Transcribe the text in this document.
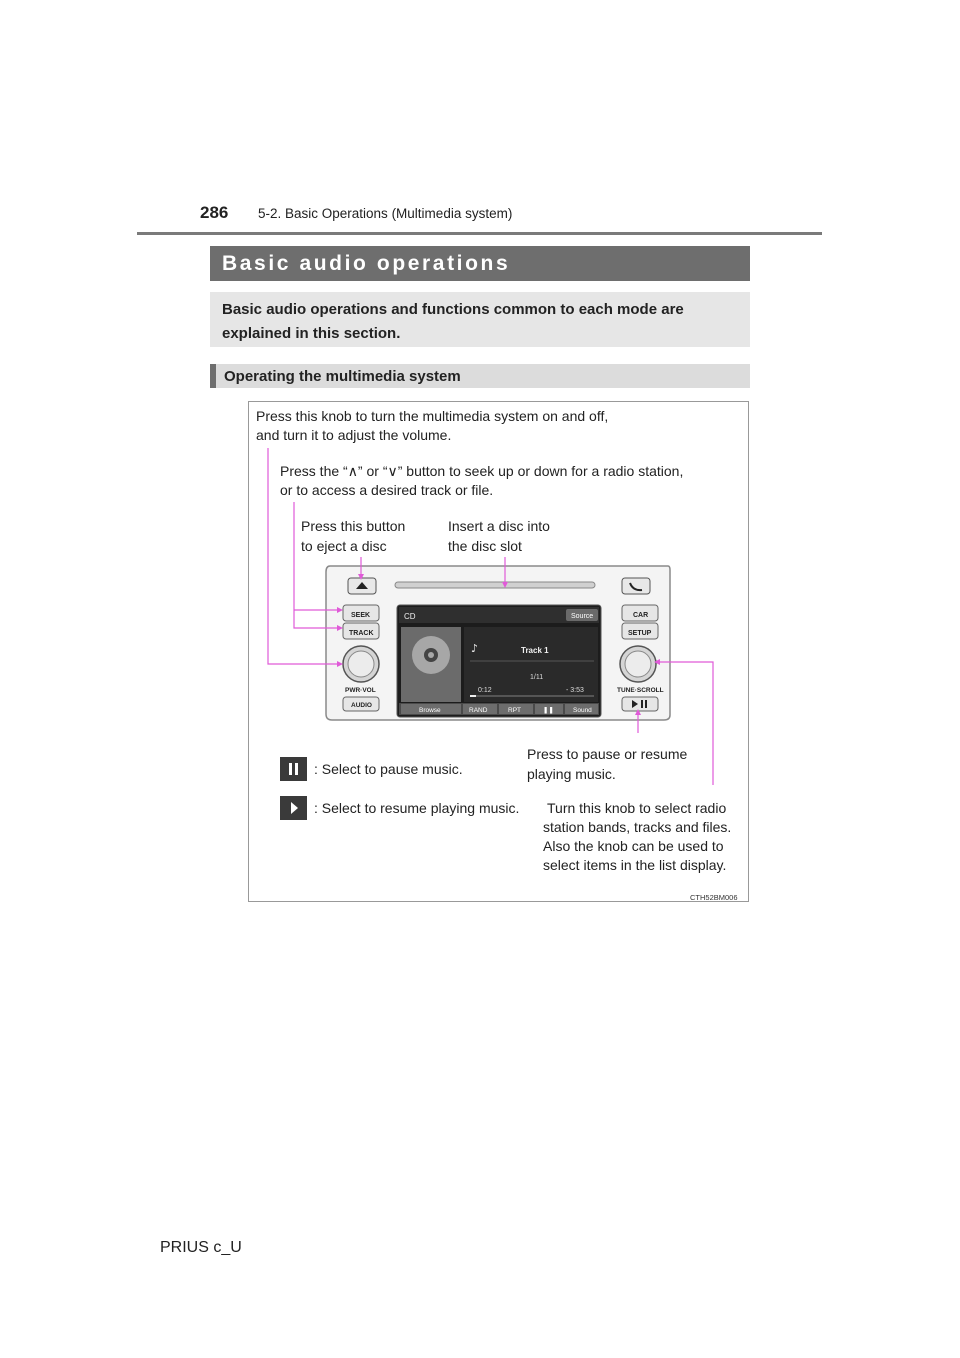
286 5-2. Basic Operations (Multimedia system)
Basic audio operations
Basic audio operations and functions common to each mode are
explained in this section.
Operating the multimedia system
SEEK
TRACK
PWR·VOL
AUDIO
CAR
SETUP
TUNE·SCROLL
CD	Source
♪	Track 1
1/11
0:12	- 3:53
Browse	RAND	RPT	❚❚	Sound
Press this knob to turn the multimedia system on and off,
and turn it to adjust the volume.
Press the “∧” or “∨” button to seek up or down for a radio station,
or to access a desired track or file.
Press this button
to eject a disc
Insert a disc into
the disc slot
Press to pause or resume
playing music.
Turn this knob to select radio
station bands, tracks and files.
Also the knob can be used to
select items in the list display.
: Select to pause music.
: Select to resume playing music.
CTH52BM006
PRIUS c_U
